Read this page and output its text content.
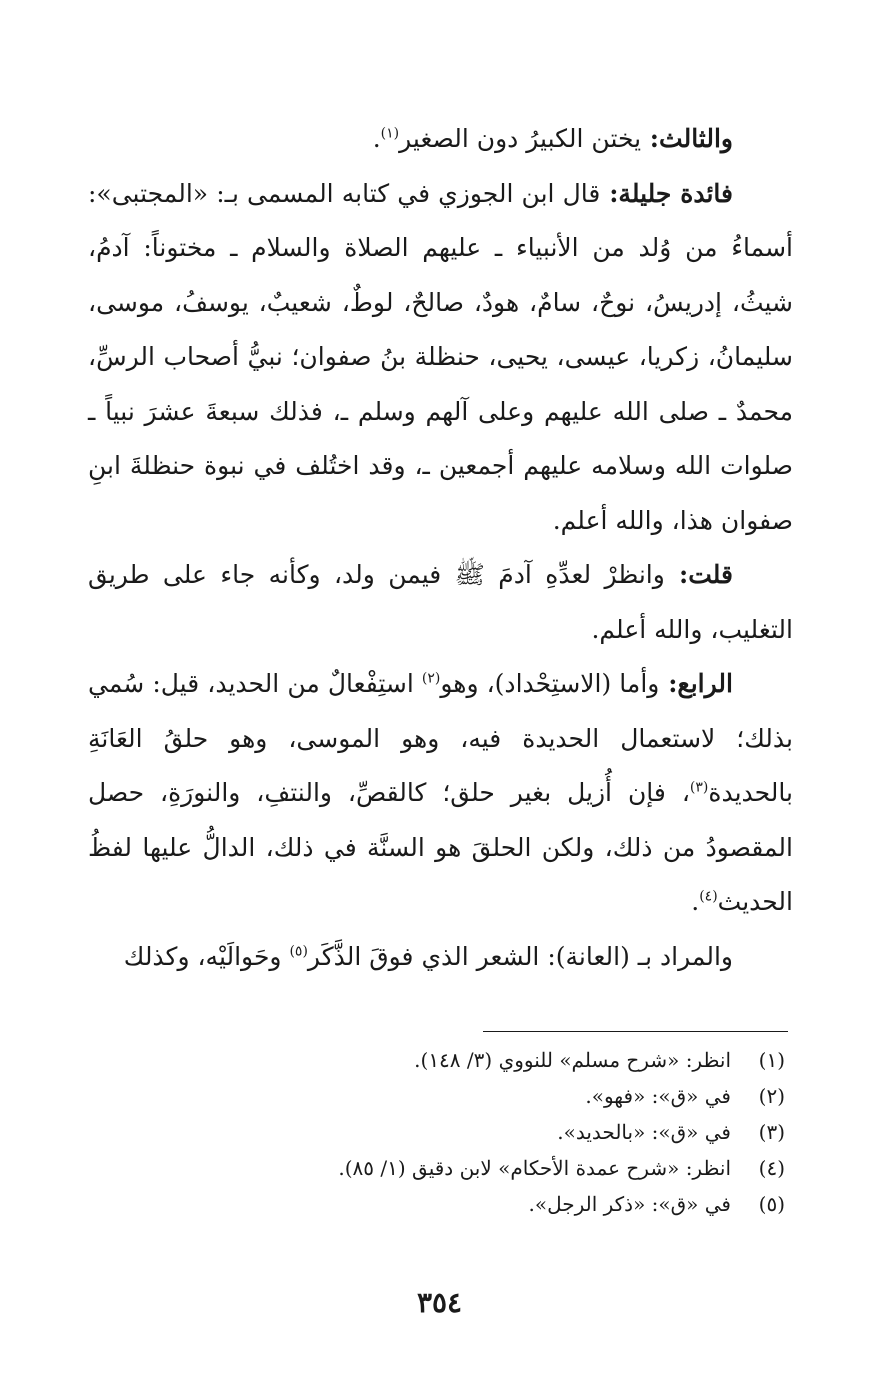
والثالث: يختن الكبيرُ دون الصغير$^{(١)}$.

فائدة جليلة: قال ابن الجوزي في كتابه المسمى بـ: «المجتبى»: أسماءُ من وُلد من الأنبياء ـ عليهم الصلاة والسلام ـ مختوناً: آدمُ، شيثُ، إدريسُ، نوحٌ، سامٌ، هودٌ، صالحٌ، لوطٌ، شعيبٌ، يوسفُ، موسى، سليمانُ، زكريا، عيسى، يحيى، حنظلة بنُ صفوان؛ نبيُّ أصحاب الرسِّ، محمدٌ ـ صلى الله عليهم وعلى آلهم وسلم ـ، فذلك سبعةَ عشرَ نبياً ـ صلوات الله وسلامه عليهم أجمعين ـ، وقد اختُلف في نبوة حنظلةَ ابنِ صفوان هذا، والله أعلم.

قلت: وانظرْ لعدِّهِ آدمَ ﷺ فيمن ولد، وكأنه جاء على طريق التغليب، والله أعلم.

الرابع: وأما (الاستِحْداد)، وهو$^{(٢)}$ استِفْعالٌ من الحديد، قيل: سُمي بذلك؛ لاستعمال الحديدة فيه، وهو الموسى، وهو حلقُ العَانَةِ بالحديدة$^{(٣)}$، فإن أُزيل بغير حلق؛ كالقصِّ، والنتفِ، والنورَةِ، حصل المقصودُ من ذلك، ولكن الحلقَ هو السنَّة في ذلك، الدالُّ عليها لفظُ الحديث$^{(٤)}$.

والمراد بـ (العانة): الشعر الذي فوقَ الذَّكَر$^{(٥)}$ وحَوالَيْه، وكذلك

(١)
انظر: «شرح مسلم» للنووي (٣/ ١٤٨).
(٢)
في «ق»: «فهو».
(٣)
في «ق»: «بالحديد».
(٤)
انظر: «شرح عمدة الأحكام» لابن دقيق (١/ ٨٥).
(٥)
في «ق»: «ذكر الرجل».
٣٥٤
